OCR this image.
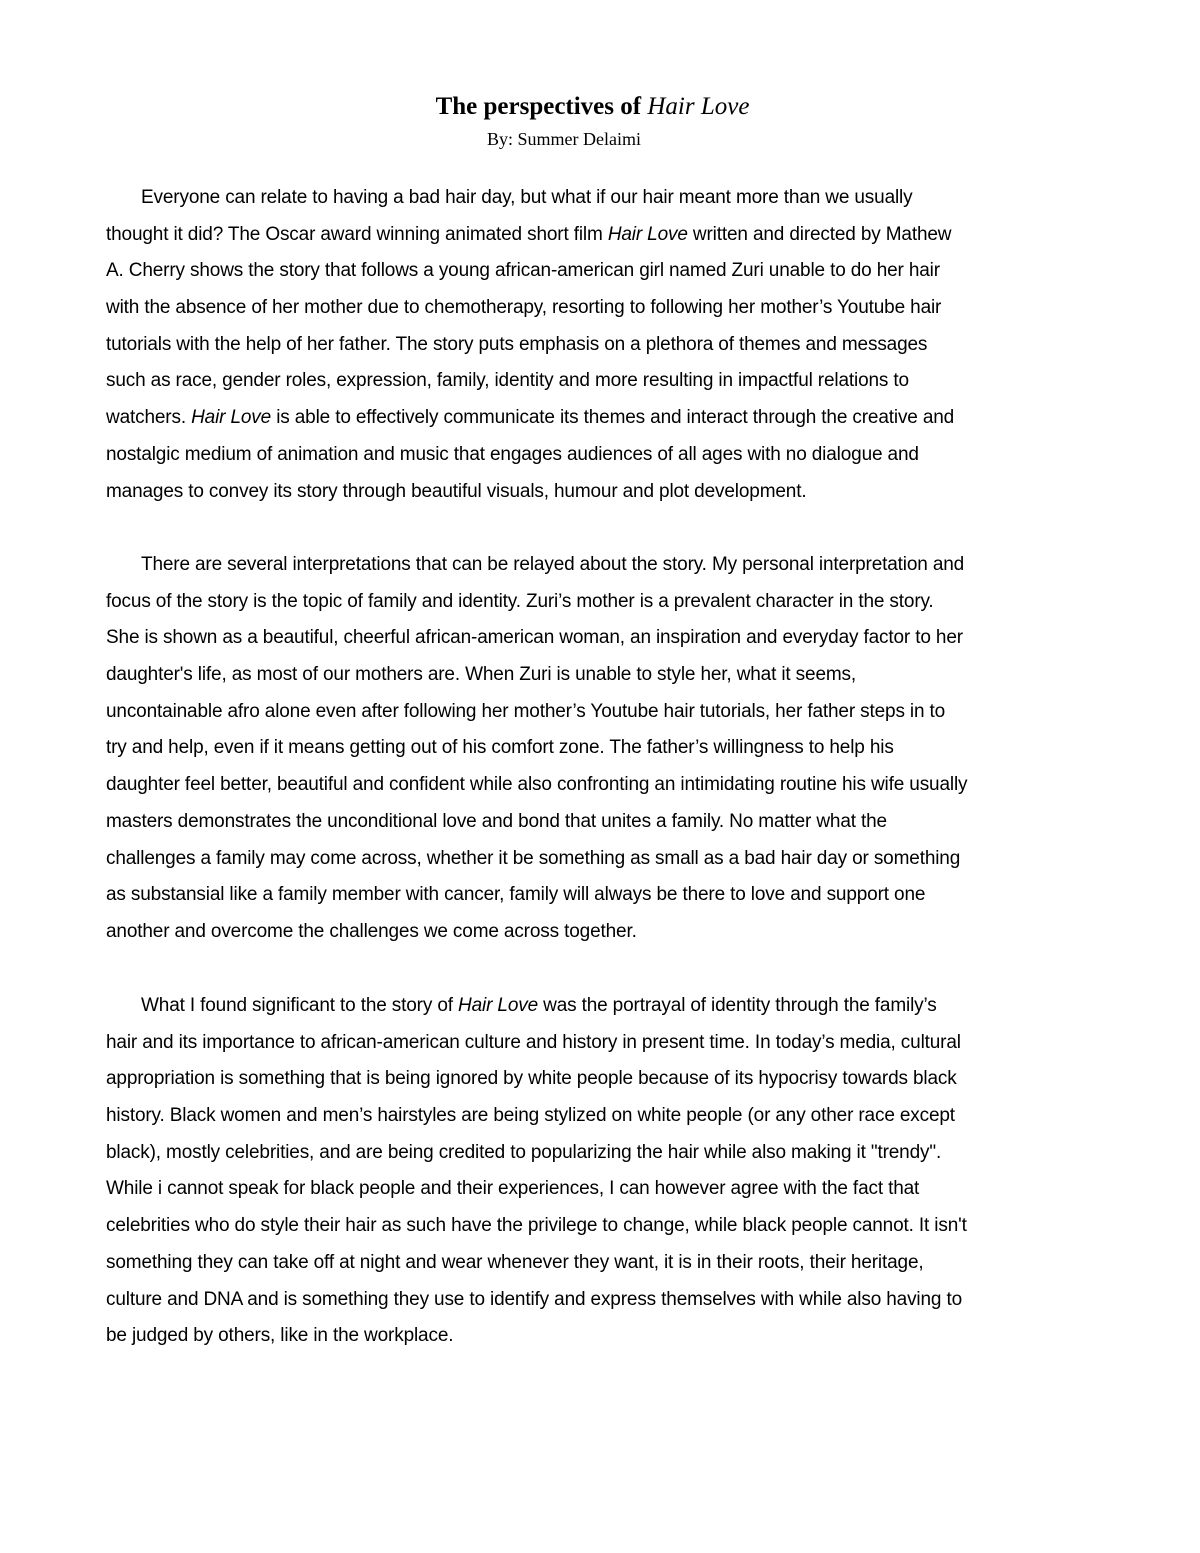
The perspectives of Hair Love
By: Summer Delaimi
Everyone can relate to having a bad hair day, but what if our hair meant more than we usually
thought it did? The Oscar award winning animated short film Hair Love written and directed by Mathew
A. Cherry shows the story that follows a young african-american girl named Zuri unable to do her hair
with the absence of her mother due to chemotherapy, resorting to following her mother’s Youtube hair
tutorials with the help of her father. The story puts emphasis on a plethora of themes and messages
such as race, gender roles, expression, family, identity and more resulting in impactful relations to
watchers. Hair Love is able to effectively communicate its themes and interact through the creative and
nostalgic medium of animation and music that engages audiences of all ages with no dialogue and
manages to convey its story through beautiful visuals, humour and plot development.
There are several interpretations that can be relayed about the story. My personal interpretation and
focus of the story is the topic of family and identity. Zuri’s mother is a prevalent character in the story.
She is shown as a beautiful, cheerful african-american woman, an inspiration and everyday factor to her
daughter's life, as most of our mothers are. When Zuri is unable to style her, what it seems,
uncontainable afro alone even after following her mother’s Youtube hair tutorials, her father steps in to
try and help, even if it means getting out of his comfort zone. The father’s willingness to help his
daughter feel better, beautiful and confident while also confronting an intimidating routine his wife usually
masters demonstrates the unconditional love and bond that unites a family. No matter what the
challenges a family may come across, whether it be something as small as a bad hair day or something
as substansial like a family member with cancer, family will always be there to love and support one
another and overcome the challenges we come across together.
What I found significant to the story of Hair Love was the portrayal of identity through the family’s
hair and its importance to african-american culture and history in present time. In today’s media, cultural
appropriation is something that is being ignored by white people because of its hypocrisy towards black
history. Black women and men’s hairstyles are being stylized on white people (or any other race except
black), mostly celebrities, and are being credited to popularizing the hair while also making it "trendy".
While i cannot speak for black people and their experiences, I can however agree with the fact that
celebrities who do style their hair as such have the privilege to change, while black people cannot. It isn't
something they can take off at night and wear whenever they want, it is in their roots, their heritage,
culture and DNA and is something they use to identify and express themselves with while also having to
be judged by others, like in the workplace.
